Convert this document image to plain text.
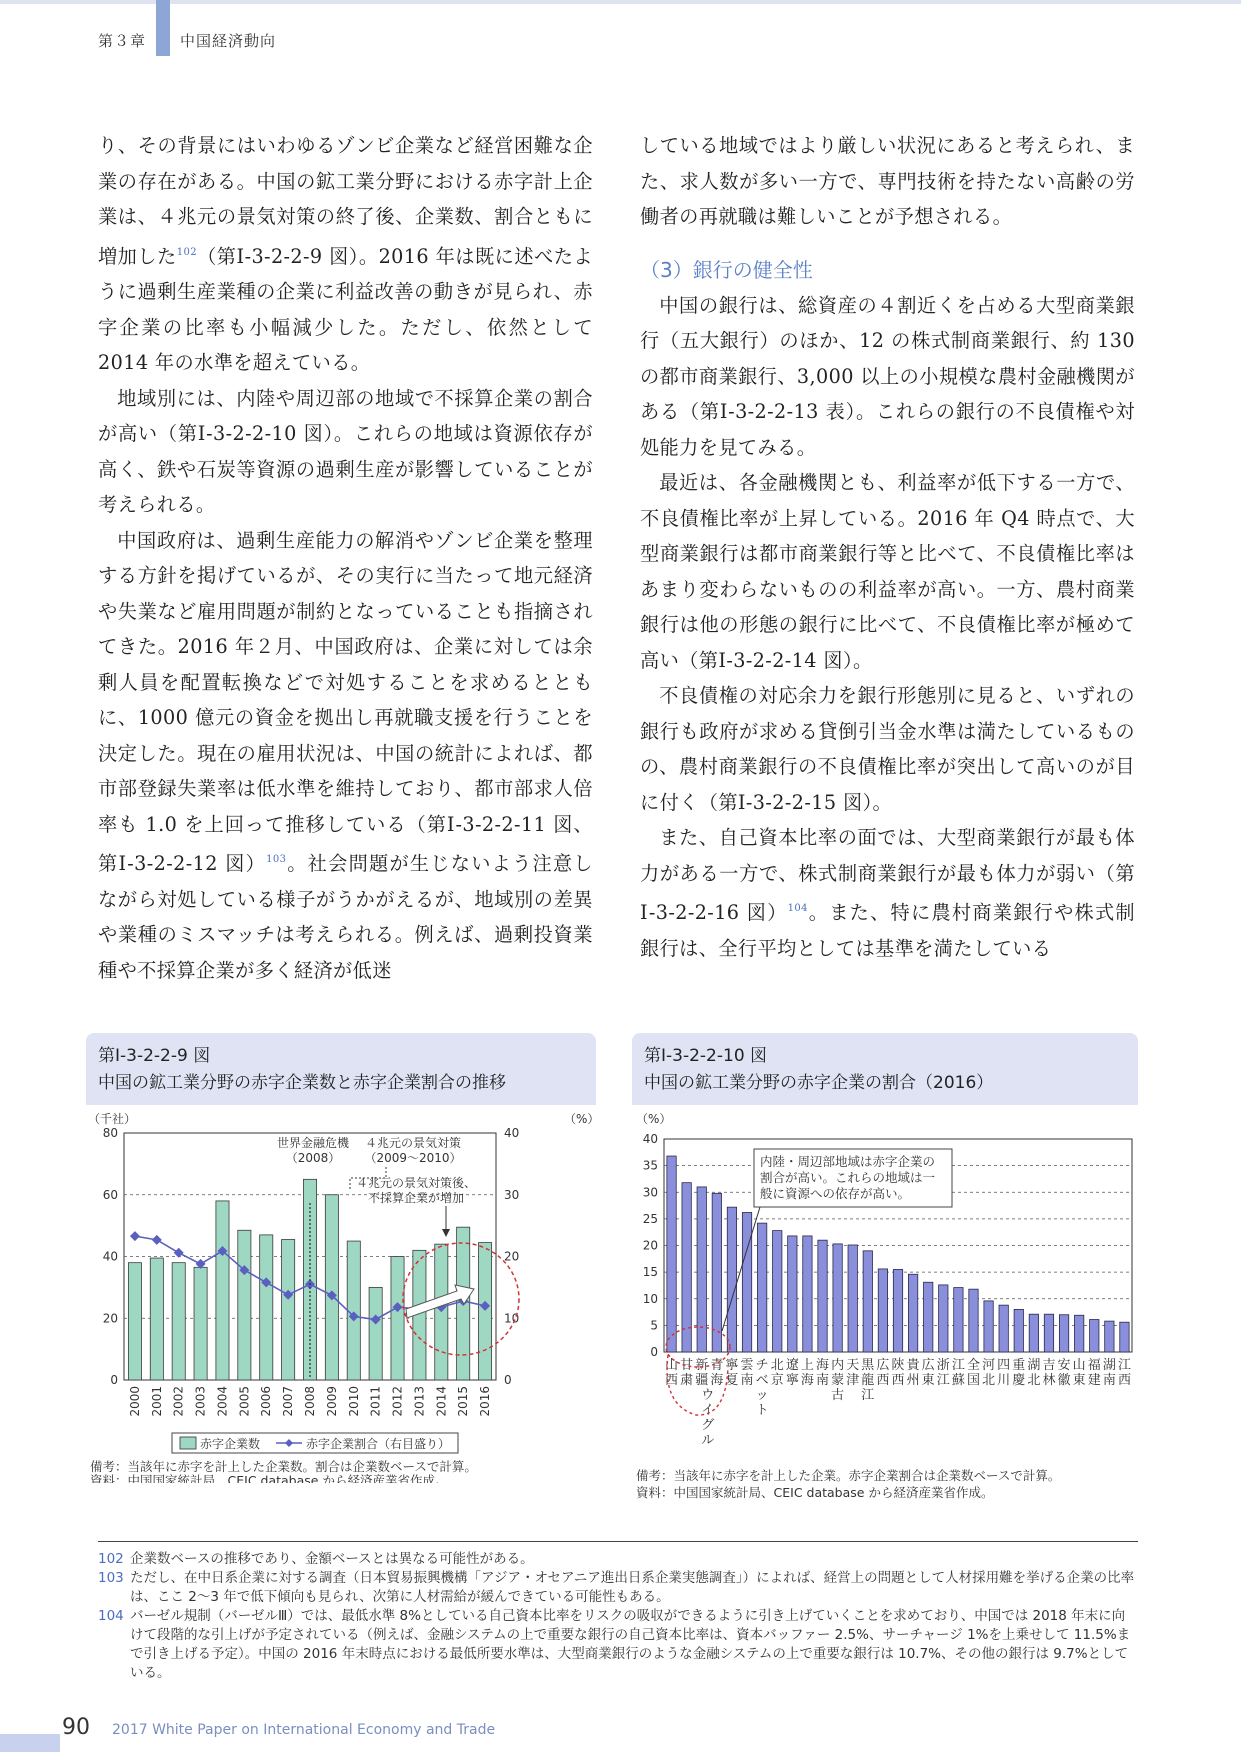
第３章 中国経済動向

り、その背景にはいわゆるゾンビ企業など経営困難な企業の存在がある。中国の鉱工業分野における赤字計上企業は、４兆元の景気対策の終了後、企業数、割合ともに増加した$^{102}$（第Ⅰ-3-2-2-9 図）。2016 年は既に述べたように過剰生産業種の企業に利益改善の動きが見られ、赤字企業の比率も小幅減少した。ただし、依然として 2014 年の水準を超えている。

地域別には、内陸や周辺部の地域で不採算企業の割合が高い（第Ⅰ-3-2-2-10 図）。これらの地域は資源依存が高く、鉄や石炭等資源の過剰生産が影響していることが考えられる。

中国政府は、過剰生産能力の解消やゾンビ企業を整理する方針を掲げているが、その実行に当たって地元経済や失業など雇用問題が制約となっていることも指摘されてきた。2016 年２月、中国政府は、企業に対しては余剰人員を配置転換などで対処することを求めるとともに、1000 億元の資金を拠出し再就職支援を行うことを決定した。現在の雇用状況は、中国の統計によれば、都市部登録失業率は低水準を維持しており、都市部求人倍率も 1.0 を上回って推移している（第Ⅰ-3-2-2-11 図、第Ⅰ-3-2-2-12 図）$^{103}$。社会問題が生じないよう注意しながら対処している様子がうかがえるが、地域別の差異や業種のミスマッチは考えられる。例えば、過剰投資業種や不採算企業が多く経済が低迷

している地域ではより厳しい状況にあると考えられ、また、求人数が多い一方で、専門技術を持たない高齢の労働者の再就職は難しいことが予想される。

（3）銀行の健全性

中国の銀行は、総資産の４割近くを占める大型商業銀行（五大銀行）のほか、12 の株式制商業銀行、約 130 の都市商業銀行、3,000 以上の小規模な農村金融機関がある（第Ⅰ-3-2-2-13 表）。これらの銀行の不良債権や対処能力を見てみる。

最近は、各金融機関とも、利益率が低下する一方で、不良債権比率が上昇している。2016 年 Q4 時点で、大型商業銀行は都市商業銀行等と比べて、不良債権比率はあまり変わらないものの利益率が高い。一方、農村商業銀行は他の形態の銀行に比べて、不良債権比率が極めて高い（第Ⅰ-3-2-2-14 図）。

不良債権の対応余力を銀行形態別に見ると、いずれの銀行も政府が求める貸倒引当金水準は満たしているものの、農村商業銀行の不良債権比率が突出して高いのが目に付く（第Ⅰ-3-2-2-15 図）。

また、自己資本比率の面では、大型商業銀行が最も体力がある一方で、株式制商業銀行が最も体力が弱い（第Ⅰ-3-2-2-16 図）$^{104}$。また、特に農村商業銀行や株式制銀行は、全行平均としては基準を満たしている

第Ⅰ-3-2-2-9 図
中国の鉱工業分野の赤字企業数と赤字企業割合の推移
（千社）	（%）
0
20
40
60
80
0
10
20
30
40
2000 2001 2002 2003 2004 2005 2006 2007 2008 2009 2010 2011 2012 2013 2014 2015 2016
世界金融危機
（2008）
４兆元の景気対策
（2009～2010）
４兆元の景気対策後、
不採算企業が増加
赤字企業数	赤字企業割合（右目盛り）
備考：当該年に赤字を計上した企業数。割合は企業数ベースで計算。
資料：中国国家統計局、CEIC database から経済産業省作成。
第Ⅰ-3-2-2-10 図
中国の鉱工業分野の赤字企業の割合（2016）
（%）
0
5
10
15
20
25
30
35
40
山
西
甘
粛
新
疆
青
海
寧
夏
雲
南
チ
ベ
ッ
ト
北
京
遼
寧
上
海
海
南
内
蒙
古
天
津
黒
龍
江
広
西
陝
西
貴
州
広
東
浙
江
江
蘇
全
国
河
北
四
川
重
慶
湖
北
吉
林
安
徽
山
東
福
建
湖
南
江
西
ウ
イ
グ
ル
内陸・周辺部地域は赤字企業の
割合が高い。これらの地域は一
般に資源への依存が高い。
備考：当該年に赤字を計上した企業。赤字企業割合は企業数ベースで計算。
資料：中国国家統計局、CEIC database から経済産業省作成。
102 企業数ベースの推移であり、金額ベースとは異なる可能性がある。
103 ただし、在中日系企業に対する調査（日本貿易振興機構「アジア・オセアニア進出日系企業実態調査」）によれば、経営上の問題として人材採用難を挙げる企業の比率は、ここ 2～3 年で低下傾向も見られ、次第に人材需給が緩んできている可能性もある。
104 バーゼル規制（バーゼルⅢ）では、最低水準 8%としている自己資本比率をリスクの吸収ができるように引き上げていくことを求めており、中国では 2018 年末に向けて段階的な引上げが予定されている（例えば、金融システムの上で重要な銀行の自己資本比率は、資本バッファー 2.5%、サーチャージ 1%を上乗せして 11.5%まで引き上げる予定）。中国の 2016 年末時点における最低所要水準は、大型商業銀行のような金融システムの上で重要な銀行は 10.7%、その他の銀行は 9.7%としている。
90 2017 White Paper on International Economy and Trade
